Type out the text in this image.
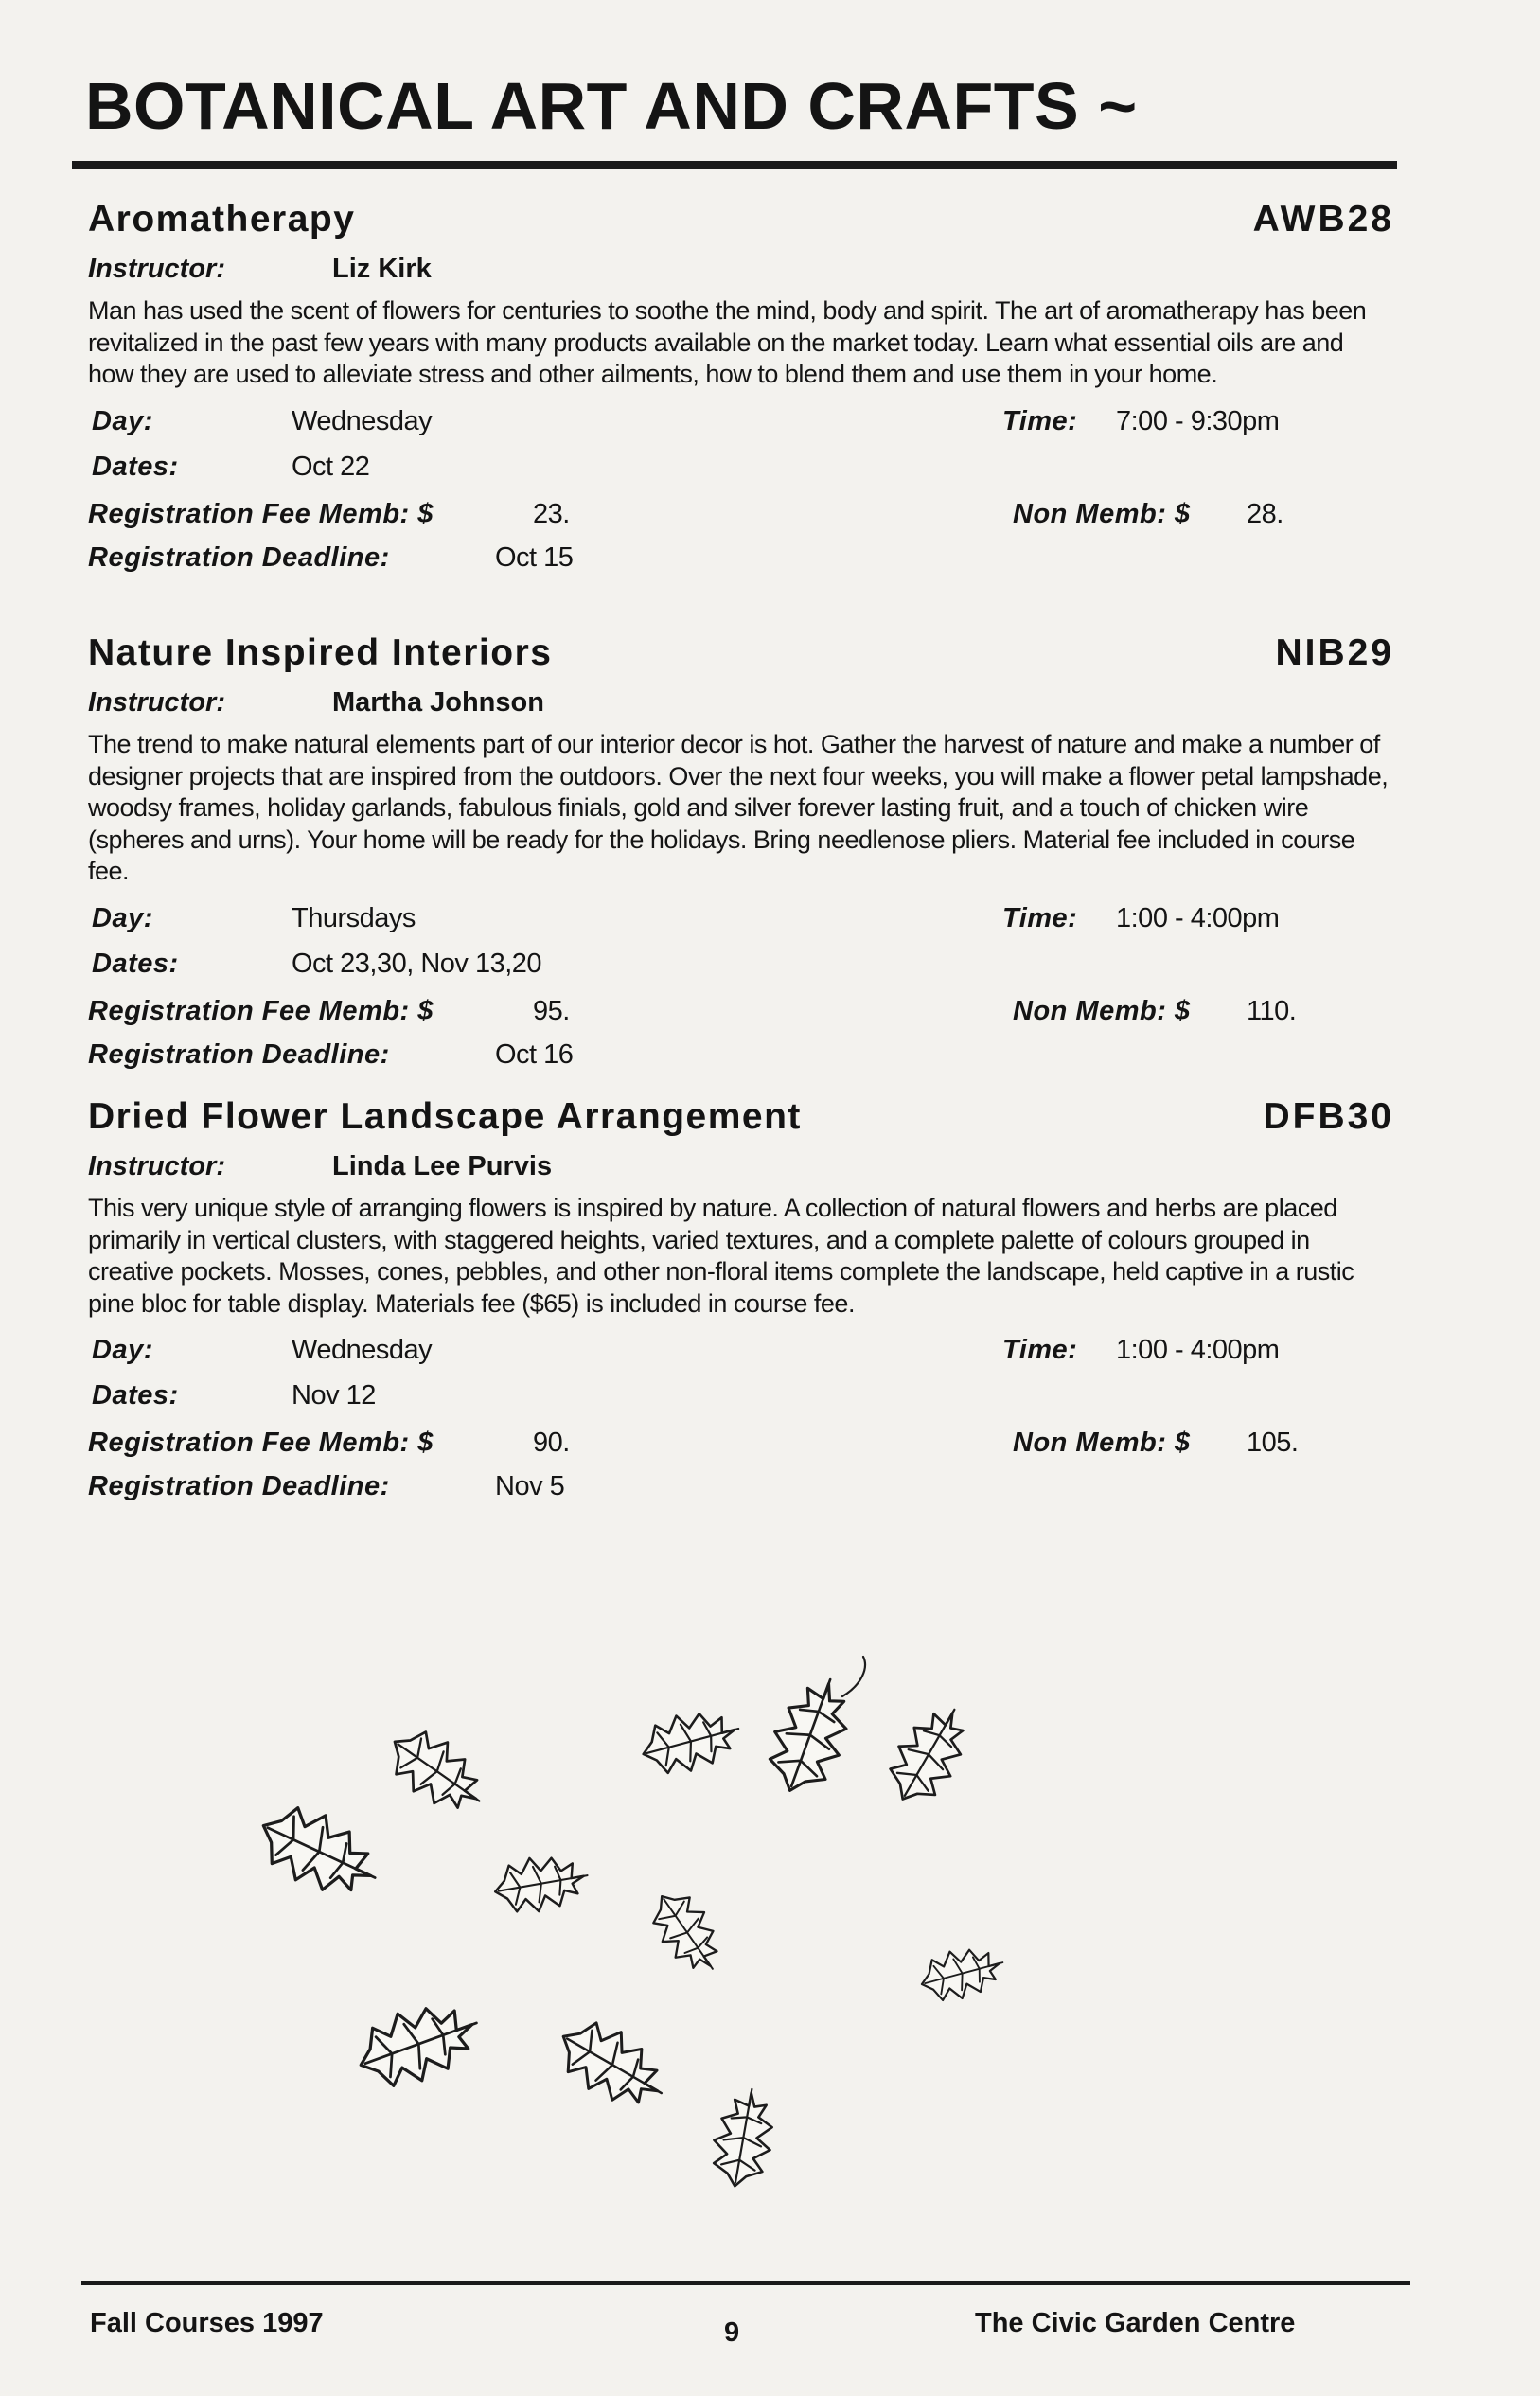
BOTANICAL ART AND CRAFTS ~
Aromatherapy	AWB28
Instructor:	Liz Kirk
Man has used the scent of flowers for centuries to soothe the mind, body and spirit. The art of aromatherapy has been revitalized in the past few years with many products available on the market today. Learn what essential oils are and how they are used to alleviate stress and other ailments, how to blend them and use them in your home.
Day:	Wednesday	Time: 7:00 - 9:30pm
Dates:	Oct 22
Registration Fee Memb: $	23.	Non Memb: $ 28.
Registration Deadline:	Oct 15
Nature Inspired Interiors	NIB29
Instructor:	Martha Johnson
The trend to make natural elements part of our interior decor is hot. Gather the harvest of nature and make a number of designer projects that are inspired from the outdoors. Over the next four weeks, you will make a flower petal lampshade, woodsy frames, holiday garlands, fabulous finials, gold and silver forever lasting fruit, and a touch of chicken wire (spheres and urns). Your home will be ready for the holidays. Bring needlenose pliers. Material fee included in course fee.
Day:	Thursdays	Time: 1:00 - 4:00pm
Dates:	Oct 23,30, Nov 13,20
Registration Fee Memb: $	95.	Non Memb: $ 110.
Registration Deadline:	Oct 16
Dried Flower Landscape Arrangement	DFB30
Instructor:	Linda Lee Purvis
This very unique style of arranging flowers is inspired by nature. A collection of natural flowers and herbs are placed primarily in vertical clusters, with staggered heights, varied textures, and a complete palette of colours grouped in creative pockets. Mosses, cones, pebbles, and other non-floral items complete the landscape, held captive in a rustic pine bloc for table display. Materials fee ($65) is included in course fee.
Day:	Wednesday	Time: 1:00 - 4:00pm
Dates:	Nov 12
Registration Fee Memb: $	90.	Non Memb: $ 105.
Registration Deadline:	Nov 5
Fall Courses 1997	9	The Civic Garden Centre
